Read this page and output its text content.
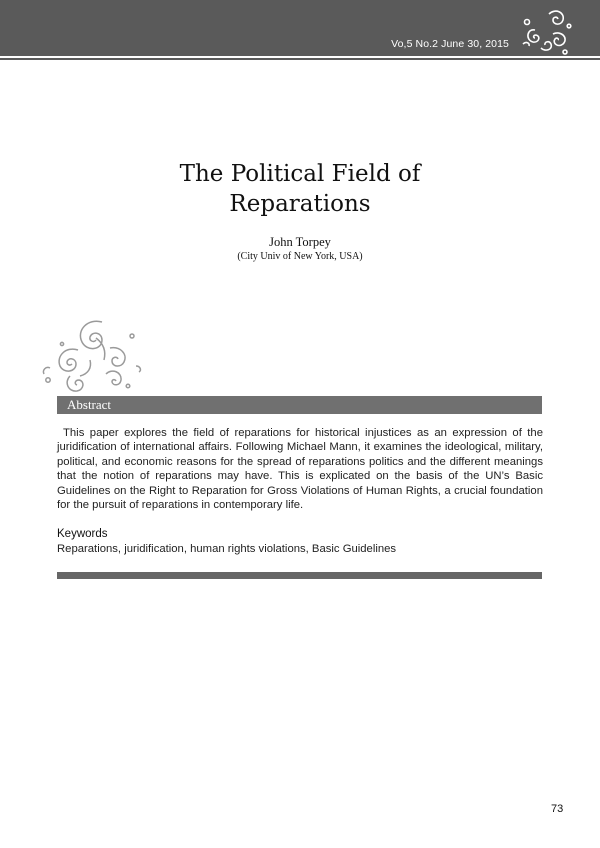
Vo,5 No.2 June 30, 2015
The Political Field of
Reparations
John Torpey
(City Univ of New York, USA)
Abstract

This paper explores the field of reparations for historical injustices as an expression of the juridification of international affairs. Following Michael Mann, it examines the ideological, military, political, and economic reasons for the spread of reparations politics and the different meanings that the notion of reparations may have. This is explicated on the basis of the UN’s Basic Guidelines on the Right to Reparation for Gross Violations of Human Rights, a crucial foundation for the pursuit of reparations in contemporary life.

Keywords
Reparations, juridification, human rights violations, Basic Guidelines
73
